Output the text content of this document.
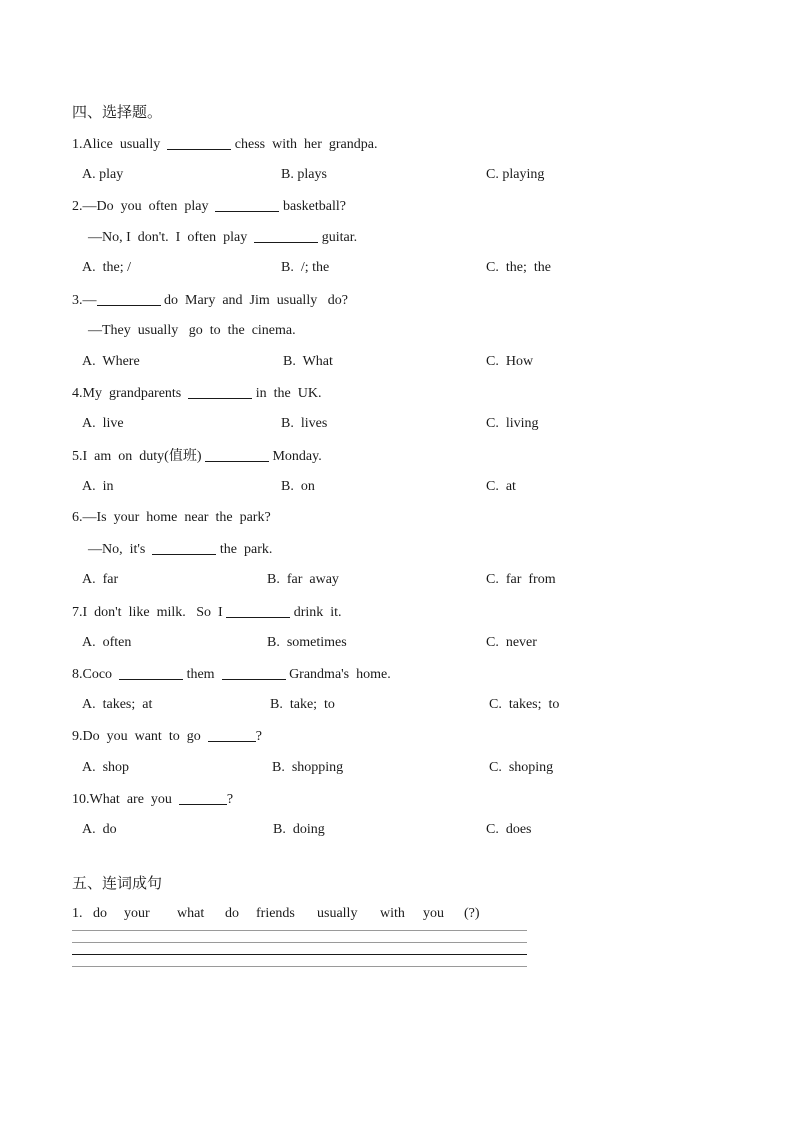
四、选择题。
1.Alice  usually	chess  with  her  grandpa.
A. play	B. plays	C. playing
2.—Do  you  often  play	basketball?
—No, I  don't.  I  often  play	guitar.
A.  the; /	B.  /; the	C.  the;  the
3.—	do  Mary  and  Jim  usually   do?
—They  usually   go  to  the  cinema.
A.  Where	B.  What	C.  How
4.My  grandparents	in  the  UK.
A.  live	B.  lives	C.  living
5.I  am  on  duty(值班)	Monday.
A.  in	B.  on	C.  at
6.—Is  your  home  near  the  park?
—No,  it's	the  park.
A.  far	B.  far  away	C.  far  from
7.I  don't  like  milk.   So  I	drink  it.
A.  often	B.  sometimes	C.  never
8.Coco	them	Grandma's  home.
A.  takes;  at	B.  take;  to	C.  takes;  to
9.Do  you  want  to  go	?
A.  shop	B.  shopping	C.  shoping
10.What  are  you	?
A.  do	B.  doing	C.  does
五、连词成句
1. do your what do friends usually with you (?)
